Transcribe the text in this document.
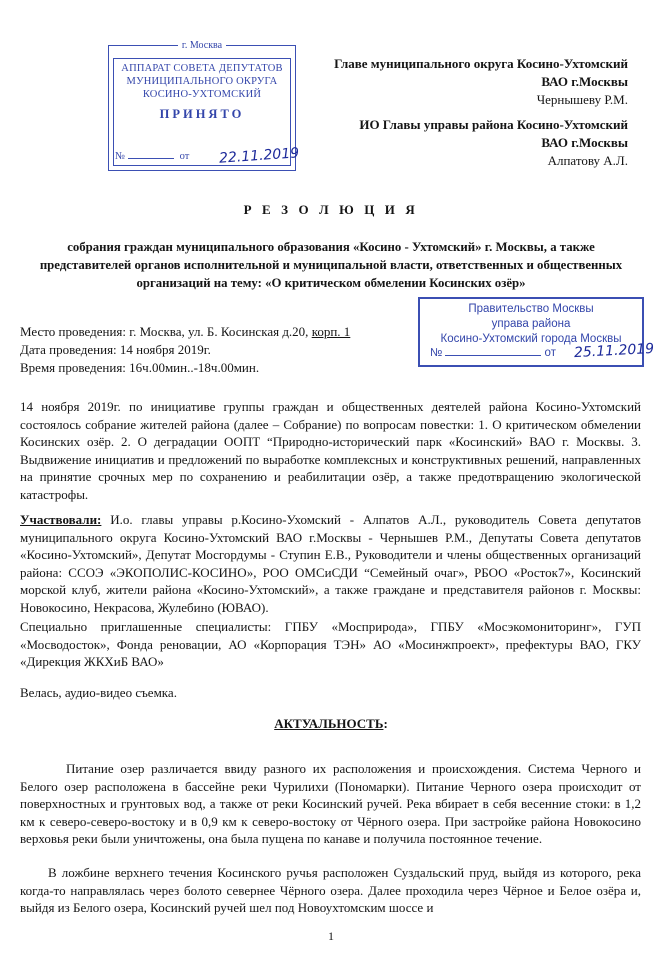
г. Москва
АППАРАТ СОВЕТА ДЕПУТАТОВ
МУНИЦИПАЛЬНОГО ОКРУГА
КОСИНО-УХТОМСКИЙ
ПРИНЯТО
№	от	22.11.2019
Главе муниципального округа Косино-Ухтомский
ВАО г.Москвы
Чернышеву Р.М.
ИО Главы управы района Косино-Ухтомский
ВАО г.Москвы
Алпатову А.Л.
Р Е З О Л Ю Ц И Я
собрания граждан муниципального образования «Косино - Ухтомский» г. Москвы, а также представителей органов исполнительной и муниципальной власти, ответственных и общественных организаций на тему: «О критическом обмелении Косинских озёр»
Правительство Москвы
управа района
Косино-Ухтомский города Москвы
№	от	25.11.2019
Место проведения: г. Москва, ул. Б. Косинская д.20, корп. 1
Дата проведения: 14 ноября 2019г.
Время проведения: 16ч.00мин..-18ч.00мин.
14 ноября 2019г. по инициативе группы граждан и общественных деятелей района Косино-Ухтомский состоялось собрание жителей района (далее – Собрание) по вопросам повестки: 1. О критическом обмелении Косинских озёр. 2. О деградации ООПТ “Природно-исторический парк «Косинский» ВАО г. Москвы. 3. Выдвижение инициатив и предложений по выработке комплексных и конструктивных решений, направленных на принятие срочных мер по сохранению и реабилитации озёр, а также предотвращению экологической катастрофы.
Участвовали: И.о. главы управы р.Косино-Ухомский - Алпатов А.Л., руководитель Совета депутатов муниципального округа Косино-Ухтомский ВАО г.Москвы - Чернышев Р.М., Депутаты Совета депутатов «Косино-Ухтомский», Депутат Мосгордумы - Ступин Е.В., Руководители и члены общественных организаций района: ССОЭ «ЭКОПОЛИС-КОСИНО», РОО ОМСиСДИ “Семейный очаг», РБОО «Росток7», Косинский морской клуб, жители района «Косино-Ухтомский», а также граждане и представителя районов г. Москвы: Новокосино, Некрасова, Жулебино (ЮВАО).
Специально приглашенные специалисты: ГПБУ «Мосприрода», ГПБУ «Мосэкомониторинг», ГУП «Мосводосток», Фонда реновации, АО «Корпорация ТЭН» АО «Мосинжпроект», префектуры ВАО, ГКУ «Дирекция ЖКХиБ ВАО»
Велась, аудио-видео съемка.
АКТУАЛЬНОСТЬ:
Питание озер различается ввиду разного их расположения и происхождения. Система Черного и Белого озер расположена в бассейне реки Чурилихи (Пономарки). Питание Черного озера происходит от поверхностных и грунтовых вод, а также от реки Косинский ручей. Река вбирает в себя весенние стоки: в 1,2 км к северо-северо-востоку и в 0,9 км к северо-востоку от Чёрного озера. При застройке района Новокосино верховья реки были уничтожены, она была пущена по канаве и получила постоянное течение.
В ложбине верхнего течения Косинского ручья расположен Суздальский пруд, выйдя из которого, река когда-то направлялась через болото севернее Чёрного озера. Далее проходила через Чёрное и Белое озёра и, выйдя из Белого озера, Косинский ручей шел под Новоухтомским шоссе и
1
